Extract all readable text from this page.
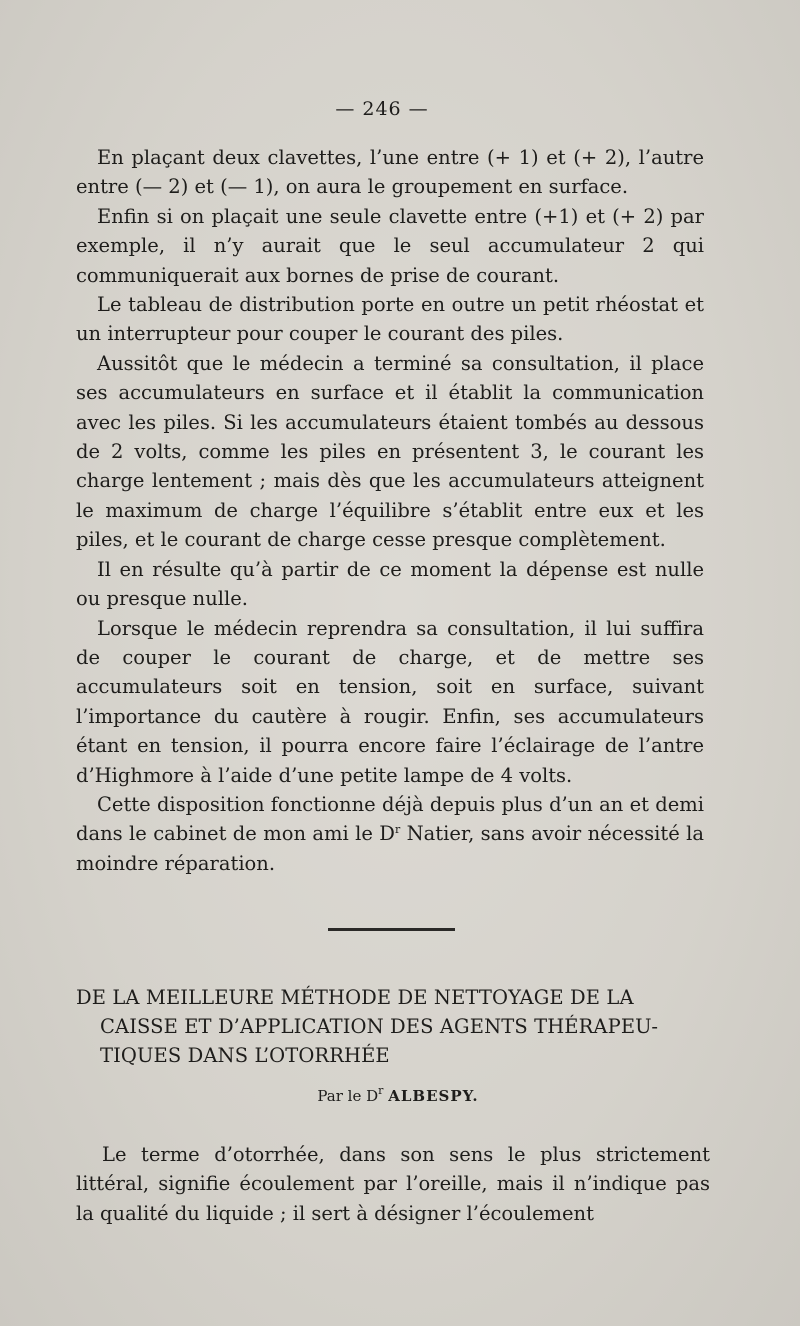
— 246 —

En plaçant deux clavettes, l’une entre (+ 1) et (+ 2), l’autre entre (— 2) et (— 1), on aura le groupement en surface.

Enfin si on plaçait une seule clavette entre (+1) et (+ 2) par exemple, il n’y aurait que le seul accumulateur 2 qui communiquerait aux bornes de prise de courant.

Le tableau de distribution porte en outre un petit rhéostat et un interrupteur pour couper le courant des piles.

Aussitôt que le médecin a terminé sa consultation, il place ses accumulateurs en surface et il établit la communication avec les piles. Si les accumulateurs étaient tombés au dessous de 2 volts, comme les piles en présentent 3, le courant les charge lentement ; mais dès que les accumulateurs atteignent le maximum de charge l’équilibre s’établit entre eux et les piles, et le courant de charge cesse presque complètement.

Il en résulte qu’à partir de ce moment la dépense est nulle ou presque nulle.

Lorsque le médecin reprendra sa consultation, il lui suffira de couper le courant de charge, et de mettre ses accumulateurs soit en tension, soit en surface, suivant l’importance du cautère à rougir. Enfin, ses accumulateurs étant en tension, il pourra encore faire l’éclairage de l’antre d’Highmore à l’aide d’une petite lampe de 4 volts.

Cette disposition fonctionne déjà depuis plus d’un an et demi dans le cabinet de mon ami le $D^r$ Natier, sans avoir nécessité la moindre réparation.

DE LA MEILLEURE MÉTHODE DE NETTOYAGE DE LA
CAISSE ET D’APPLICATION DES AGENTS THÉRAPEU-
TIQUES DANS L’OTORRHÉE
Par le $D^r$ ALBESPY.

Le terme d’otorrhée, dans son sens le plus strictement littéral, signifie écoulement par l’oreille, mais il n’indique pas la qualité du liquide ; il sert à désigner l’écoulement
